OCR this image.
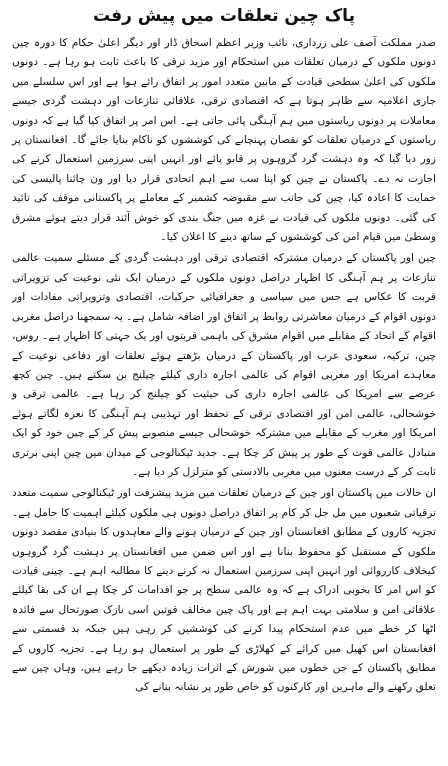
پاک چین تعلقات میں پیش رفت

صدر مملکت آصف علی زرداری، نائب وزیر اعظم اسحاق ڈار اور دیگر اعلیٰ حکام کا دورہ چین دونوں ملکوں کے درمیان تعلقات میں استحکام اور مزید ترقی کا باعث ثابت ہو رہا ہے۔ دونوں ملکوں کی اعلیٰ سطحی قیادت کے مابین متعدد امور پر اتفاق رائے ہوا ہے اور اس سلسلے میں جاری اعلامیہ سے ظاہر ہوتا ہے کہ اقتصادی ترقی، علاقائی تنازعات اور دہشت گردی جیسے معاملات پر دونوں ریاستوں میں ہم آہنگی پائی جاتی ہے۔ اس امر پر اتفاق کیا گیا ہے کہ دونوں ریاستوں کے درمیان تعلقات کو نقصان پہنچانے کی کوششوں کو ناکام بنایا جائے گا۔ افغانستان پر زور دیا گیا کہ وہ دہشت گرد گروہوں پر قابو پائے اور انہیں اپنی سرزمین استعمال کرنے کی اجازت نہ دے۔ پاکستان نے چین کو اپنا سب سے اہم اتحادی قرار دیا اور ون چائنا پالیسی کی حمایت کا اعادہ کیا، چین کی جانب سے مقبوضہ کشمیر کے معاملے پر پاکستانی موقف کی تائید کی گئی۔ دونوں ملکوں کی قیادت نے غزہ میں جنگ بندی کو خوش آئند قرار دیتے ہوئے مشرق وسطیٰ میں قیام امن کی کوششوں کے ساتھ دینے کا اعلان کیا۔

چین اور پاکستان کے درمیان مشترکہ اقتصادی ترقی اور دہشت گردی کے مسئلے سمیت عالمی تنازعات پر ہم آہنگی کا اظہار دراصل دونوں ملکوں کے درمیان ایک نئی نوعیت کی تزویراتی قربت کا عکاس ہے جس میں سیاسی و جغرافیائی حرکیات، اقتصادی وتزویراتی مفادات اور دونوں اقوام کے درمیان معاشرتی روابط پر اتفاق اور اضافہ شامل ہے۔ یہ سمجھنا دراصل مغربی اقوام کے اتحاد کے مقابلے میں اقوام مشرق کی باہمی قربتوں اور یک جہتی کا اظہار ہے۔ روس، چین، ترکیہ، سعودی عرب اور پاکستان کے درمیان بڑھتے ہوئے تعلقات اور دفاعی نوعیت کے معاہدے امریکا اور مغربی اقوام کی عالمی اجارہ داری کیلئے چیلنج بن سکتے ہیں۔ چین کچھ عرصے سے امریکا کی عالمی اجارہ داری کی حیثیت کو چیلنج کر رہا ہے۔ عالمی ترقی و خوشحالی، عالمی امن اور اقتصادی ترقی کے تحفظ اور تہذیبی ہم آہنگی کا نعرہ لگاتے ہوئے امریکا اور مغرب کے مقابلے میں مشترکہ خوشحالی جیسے منصوبے پیش کر کے چین خود کو ایک متبادل عالمی قوت کے طور پر پیش کر چکا ہے۔ جدید ٹیکنالوجی کے میدان میں چین اپنی برتری ثابت کر کے درست معنوں میں مغربی بالادستی کو متزلزل کر دیا ہے۔

ان حالات میں پاکستان اور چین کے درمیان تعلقات میں مزید پیشرفت اور ٹیکنالوجی سمیت متعدد ترقیاتی شعبوں میں مل جل کر کام پر اتفاق دراصل دونوں ہی ملکوں کیلئے اہمیت کا حامل ہے۔ تجزیہ کاروں کے مطابق افغانستان اور چین کے درمیان ہونے والے معاہدوں کا بنیادی مقصد دونوں ملکوں کے مستقبل کو محفوظ بنانا ہے اور اس ضمن میں افغانستان پر دہشت گرد گروہوں کیخلاف کارروائی اور انہیں اپنی سرزمین استعمال نہ کرنے دینے کا مطالبہ اہم ہے۔ چینی قیادت کو اس امر کا بخوبی ادراک ہے کہ وہ عالمی سطح پر جو اقدامات کر چکا ہے ان کی بقا کیلئے علاقائی امن و سلامتی بہت اہم ہے اور پاک چین مخالف قوتیں اسی نازک صورتحال سے فائدہ اٹھا کر خطے میں عدم استحکام پیدا کرنے کی کوششیں کر رہی ہیں جبکہ بد قسمتی سے افغانستان اس کھیل میں کرائے کے کھلاڑی کے طور پر استعمال ہو رہا ہے۔ تجزیہ کاروں کے مطابق پاکستان کے جن خطوں میں شورش کے اثرات زیادہ دیکھے جا رہے ہیں، وہاں چین سے تعلق رکھنے والے ماہرین اور کارکنوں کو خاص طور پر نشانہ بنانے کی
